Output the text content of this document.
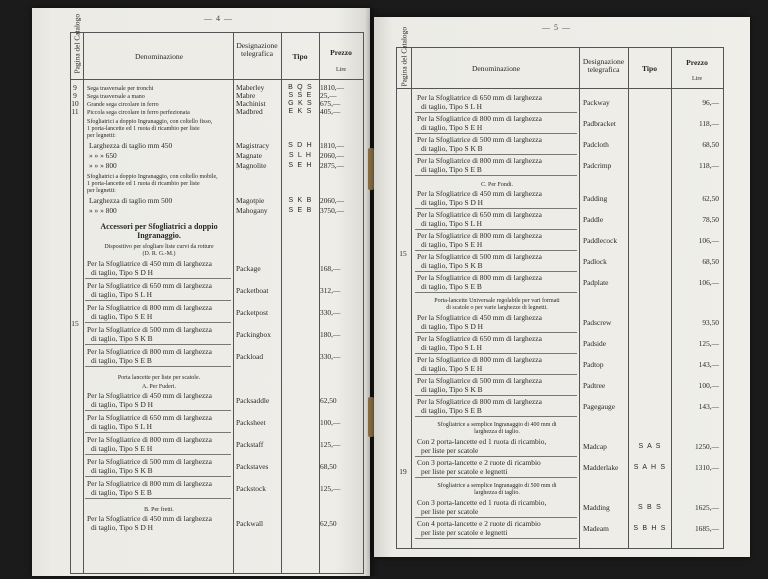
— 4 —
Pagina del Catalogo	Denominazione
Designazione telegrafica	Tipo	Prezzo
Lire
9	Sega trasversale per tronchi	Maberley	B Q S 1810,—
9	Sega trasversale a mano	Mabre	S S E	25,—
10	Grande sega circolare in ferro	Machinist	G K S 675,—
11	Piccola sega circolare in ferro perfezionata	Madbred	E K S	405,—
Sfogliatrici a doppio Ingranaggio, con coltello fisso,
1 porta-lancette ed 1 ruota di ricambio per liste
per legnetti:
Larghezza di taglio mm 450	Magistracy	S D H 1810,—
» » » 650	Magnate	S L H	2060,—
» » » 800	Magnolite	S E H 2875,—
Sfogliatrici a doppio Ingranaggio, con coltello mobile,
1 porta-lancette ed 1 ruota di ricambio per liste
per legnetti:
Larghezza di taglio mm 500	Magotpie	S K B	2060,—
» » » 800	Mahogany	S E B	3750,—
Accessori per Sfogliatrici a doppio
Ingranaggio.
Dispositivo per sfogliare liste curvi da rotture
(D. R. G.-M.)
Per la Sfogliatrice di 450 mm di larghezza
di taglio, Tipo S D H	Package	168,—
Per la Sfogliatrice di 650 mm di larghezza
di taglio, Tipo S L H	Packetboat	312,—
Per la Sfogliatrice di 800 mm di larghezza
di taglio, Tipo S E H	Packetpost	330,—
Per la Sfogliatrice di 500 mm di larghezza
di taglio, Tipo S K B	Packingbox	180,—
Per la Sfogliatrice di 800 mm di larghezza
di taglio, Tipo S E B	Packload	330,—
15
Porta lancette per liste per scatole.
A. Per Fuderi.
Per la Sfogliatrice di 450 mm di larghezza
di taglio, Tipo S D H	Packsaddle	62,50
Per la Sfogliatrice di 650 mm di larghezza
di taglio, Tipo S L H	Packsheet	100,—
Per la Sfogliatrice di 800 mm di larghezza
di taglio, Tipo S E H	Packstaff	125,—
Per la Sfogliatrice di 500 mm di larghezza
di taglio, Tipo S K B	Packstaves	68,50
Per la Sfogliatrice di 800 mm di larghezza
di taglio, Tipo S E B	Packstock	125,—
B. Per fretti.
Per la Sfogliatrice di 450 mm di larghezza
di taglio, Tipo S D H	Packwall	62,50
— 5 —
Pagina del Catalogo	Denominazione
Designazione telegrafica	Tipo
Prezzo
Lire
Per la Sfogliatrice di 650 mm di larghezza
di taglio, Tipo S L H	Packway	96,—
Per la Sfogliatrice di 800 mm di larghezza
di taglio, Tipo S E H	Padbracket	118,—
Per la Sfogliatrice di 500 mm di larghezza
di taglio, Tipo S K B	Padcloth	68,50
Per la Sfogliatrice di 800 mm di larghezza
di taglio, Tipo S E B	Padcrimp	118,—
C. Per Fondi.
Per la Sfogliatrice di 450 mm di larghezza
di taglio, Tipo S D H	Padding	62,50
Per la Sfogliatrice di 650 mm di larghezza
di taglio, Tipo S L H	Paddle	78,50
Per la Sfogliatrice di 800 mm di larghezza
di taglio, Tipo S E H	Paddlecock	106,—
Per la Sfogliatrice di 500 mm di larghezza
di taglio, Tipo S K B	Padlock	68,50
Per la Sfogliatrice di 800 mm di larghezza
di taglio, Tipo S E B	Padplate	106,—
15
Porta-lancette Universale regolabile per vari formati
di scatole o per varie larghezze di legnetti.
Per la Sfogliatrice di 450 mm di larghezza
di taglio, Tipo S D H	Padscrew	93,50
Per la Sfogliatrice di 650 mm di larghezza
di taglio, Tipo S L H	Padside	125,—
Per la Sfogliatrice di 800 mm di larghezza
di taglio, Tipo S E H	Padtop	143,—
Per la Sfogliatrice di 500 mm di larghezza
di taglio, Tipo S K B	Padtree	100,—
Per la Sfogliatrice di 800 mm di larghezza
di taglio, Tipo S E B	Pagegauge	143,—
Sfogliatrice a semplice Ingranaggio di 400 mm di
larghezza di taglio.
Con 2 porta-lancette ed 1 ruota di ricambio,
per liste per scatole	Madcap	S A S	1250,—
Con 3 porta-lancette e 2 ruote di ricambio
per liste per scatole e legnetti	Madderlake	S A H S	1310,—
Sfogliatrice a semplice Ingranaggio di 500 mm di
larghezza di taglio.
Con 3 porta-lancette ed 1 ruota di ricambio,
per liste per scatole	Madding	S B S	1625,—
Con 4 porta-lancette e 2 ruote di ricambio
per liste per scatole e legnetti	Madeam	S B H S	1685,—
19
